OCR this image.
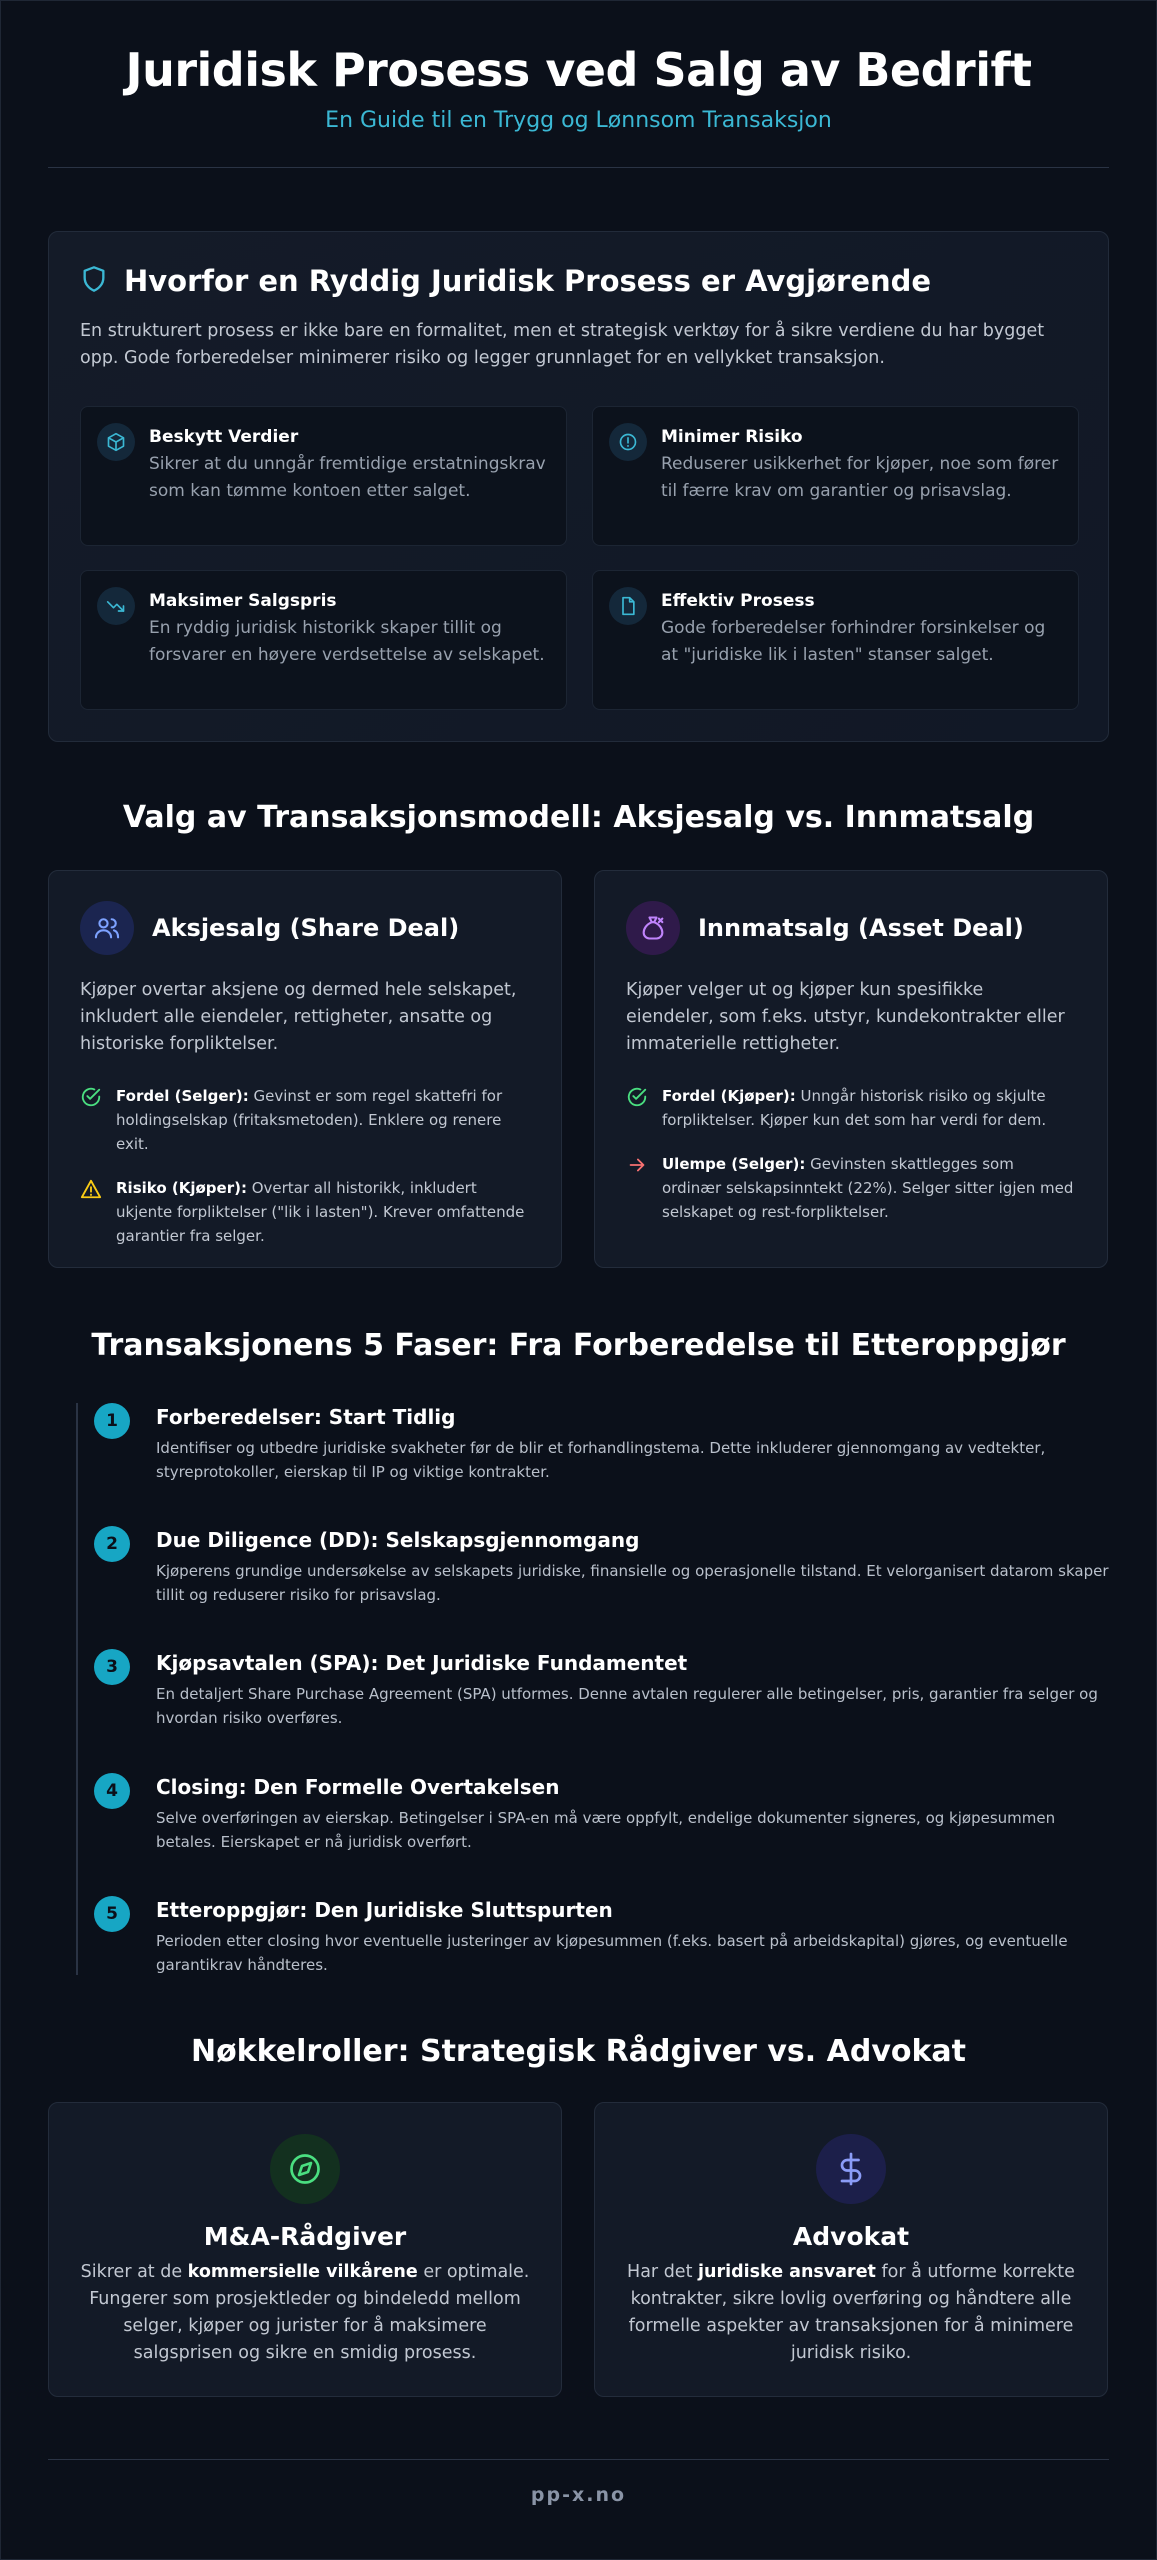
Juridisk Prosess ved Salg av Bedrift
En Guide til en Trygg og Lønnsom Transaksjon
Hvorfor en Ryddig Juridisk Prosess er Avgjørende

En strukturert prosess er ikke bare en formalitet, men et strategisk verktøy for å sikre verdiene du har bygget opp. Gode forberedelser minimerer risiko og legger grunnlaget for en vellykket transaksjon.

Beskytt Verdier
Sikrer at du unngår fremtidige erstatningskrav som kan tømme kontoen etter salget.
Minimer Risiko
Reduserer usikkerhet for kjøper, noe som fører til færre krav om garantier og prisavslag.
Maksimer Salgspris
En ryddig juridisk historikk skaper tillit og forsvarer en høyere verdsettelse av selskapet.
Effektiv Prosess
Gode forberedelser forhindrer forsinkelser og at "juridiske lik i lasten" stanser salget.
Valg av Transaksjonsmodell: Aksjesalg vs. Innmatsalg
Aksjesalg (Share Deal)

Kjøper overtar aksjene og dermed hele selskapet, inkludert alle eiendeler, rettigheter, ansatte og historiske forpliktelser.

Fordel (Selger): Gevinst er som regel skattefri for holdingselskap (fritaksmetoden). Enklere og renere exit.

Risiko (Kjøper): Overtar all historikk, inkludert ukjente forpliktelser ("lik i lasten"). Krever omfattende garantier fra selger.

Innmatsalg (Asset Deal)

Kjøper velger ut og kjøper kun spesifikke eiendeler, som f.eks. utstyr, kundekontrakter eller immaterielle rettigheter.

Fordel (Kjøper): Unngår historisk risiko og skjulte forpliktelser. Kjøper kun det som har verdi for dem.

Ulempe (Selger): Gevinsten skattlegges som ordinær selskapsinntekt (22%). Selger sitter igjen med selskapet og rest-forpliktelser.

Transaksjonens 5 Faser: Fra Forberedelse til Etteroppgjør
1	Forberedelser: Start Tidlig
Identifiser og utbedre juridiske svakheter før de blir et forhandlingstema. Dette inkluderer gjennomgang av vedtekter, styreprotokoller, eierskap til IP og viktige kontrakter.
2	Due Diligence (DD): Selskapsgjennomgang
Kjøperens grundige undersøkelse av selskapets juridiske, finansielle og operasjonelle tilstand. Et velorganisert datarom skaper tillit og reduserer risiko for prisavslag.
3	Kjøpsavtalen (SPA): Det Juridiske Fundamentet
En detaljert Share Purchase Agreement (SPA) utformes. Denne avtalen regulerer alle betingelser, pris, garantier fra selger og hvordan risiko overføres.
4	Closing: Den Formelle Overtakelsen
Selve overføringen av eierskap. Betingelser i SPA-en må være oppfylt, endelige dokumenter signeres, og kjøpesummen betales. Eierskapet er nå juridisk overført.
5	Etteroppgjør: Den Juridiske Sluttspurten
Perioden etter closing hvor eventuelle justeringer av kjøpesummen (f.eks. basert på arbeidskapital) gjøres, og eventuelle garantikrav håndteres.
Nøkkelroller: Strategisk Rådgiver vs. Advokat
M&A-Rådgiver

Sikrer at de kommersielle vilkårene er optimale. Fungerer som prosjektleder og bindeledd mellom selger, kjøper og jurister for å maksimere salgsprisen og sikre en smidig prosess.

Advokat

Har det juridiske ansvaret for å utforme korrekte kontrakter, sikre lovlig overføring og håndtere alle formelle aspekter av transaksjonen for å minimere juridisk risiko.

pp-x.no
